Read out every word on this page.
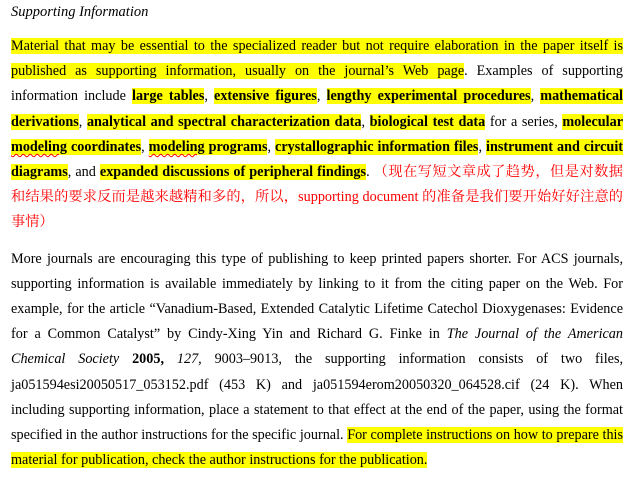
Supporting Information

Material that may be essential to the specialized reader but not require elaboration in the paper itself is published as supporting information, usually on the journal’s Web page. Examples of supporting information include large tables, extensive figures, lengthy experimental procedures, mathematical derivations, analytical and spectral characterization data, biological test data for a series, molecular modeling coordinates, modeling programs, crystallographic information files, instrument and circuit diagrams, and expanded discussions of peripheral findings. （现在写短文章成了趋势，但是对数据和结果的要求反而是越来越精和多的，所以，supporting document 的准备是我们要开始好好注意的事情）

More journals are encouraging this type of publishing to keep printed papers shorter. For ACS journals, supporting information is available immediately by linking to it from the citing paper on the Web. For example, for the article “Vanadium-Based, Extended Catalytic Lifetime Catechol Dioxygenases: Evidence for a Common Catalyst” by Cindy-Xing Yin and Richard G. Finke in The Journal of the American Chemical Society 2005, 127, 9003–9013, the supporting information consists of two files, ja051594esi20050517_053152.pdf (453 K) and ja051594erom20050320_064528.cif (24 K). When including supporting information, place a statement to that effect at the end of the paper, using the format specified in the author instructions for the specific journal. For complete instructions on how to prepare this material for publication, check the author instructions for the publication.
